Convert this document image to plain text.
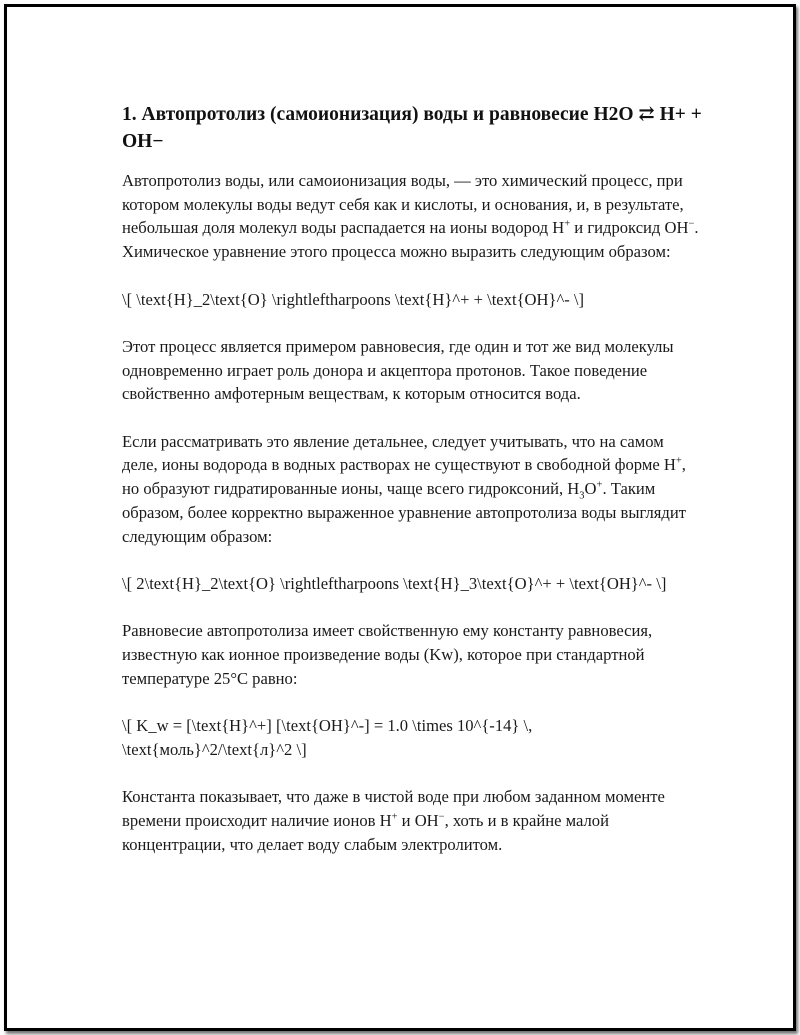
1. Автопротолиз (самоионизация) воды и равновесие H2O ⇄ H+ + OH−

Автопротолиз воды, или самоионизация воды, — это химический процесс, при котором молекулы воды ведут себя как и кислоты, и основания, и, в результате, небольшая доля молекул воды распадается на ионы водород H+ и гидроксид OH−. Химическое уравнение этого процесса можно выразить следующим образом:

\[ \text{H}_2\text{O} \rightleftharpoons \text{H}^+ + \text{OH}^- \]

Этот процесс является примером равновесия, где один и тот же вид молекулы одновременно играет роль донора и акцептора протонов. Такое поведение свойственно амфотерным веществам, к которым относится вода.

Если рассматривать это явление детальнее, следует учитывать, что на самом деле, ионы водорода в водных растворах не существуют в свободной форме H+, но образуют гидратированные ионы, чаще всего гидроксоний, $H_3O^+$. Таким образом, более корректно выраженное уравнение автопротолиза воды выглядит следующим образом:

\[ 2\text{H}_2\text{O} \rightleftharpoons \text{H}_3\text{O}^+ + \text{OH}^- \]

Равновесие автопротолиза имеет свойственную ему константу равновесия, известную как ионное произведение воды (Kw), которое при стандартной температуре 25°C равно:

\[ K_w = [\text{H}^+] [\text{OH}^-] = 1.0 \times 10^{-14} \, \text{моль}^2/\text{л}^2 \]

Константа показывает, что даже в чистой воде при любом заданном моменте времени происходит наличие ионов H+ и OH−, хоть и в крайне малой концентрации, что делает воду слабым электролитом.
